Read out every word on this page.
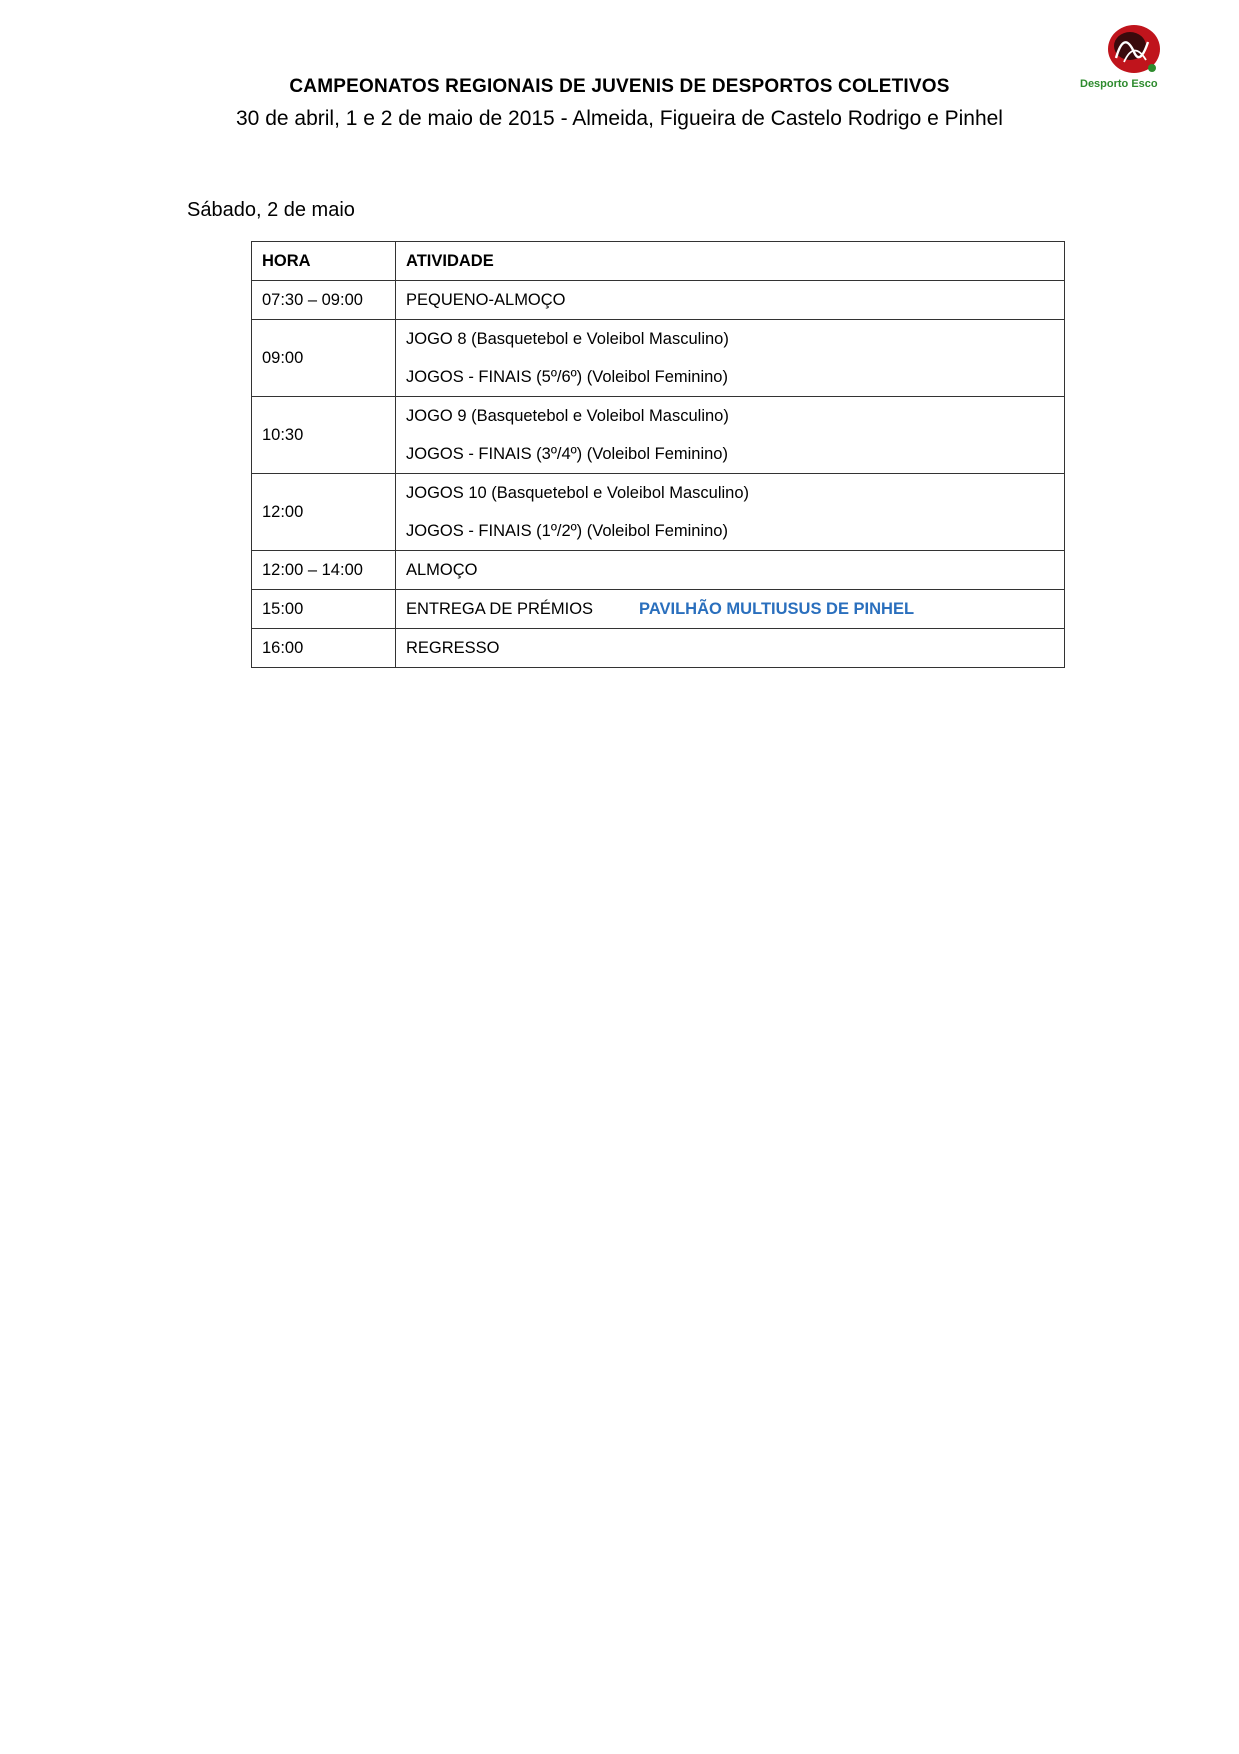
Desporto Esco
CAMPEONATOS REGIONAIS DE JUVENIS DE DESPORTOS COLETIVOS
30 de abril, 1 e 2 de maio de 2015 - Almeida, Figueira de Castelo Rodrigo e Pinhel
Sábado, 2 de maio
HORA	ATIVIDADE
07:30 – 09:00	PEQUENO-ALMOÇO
09:00	JOGO 8 (Basquetebol e Voleibol Masculino)
JOGOS - FINAIS (5º/6º) (Voleibol Feminino)

10:30	JOGO 9 (Basquetebol e Voleibol Masculino)
JOGOS - FINAIS (3º/4º) (Voleibol Feminino)

12:00	JOGOS 10 (Basquetebol e Voleibol Masculino)
JOGOS - FINAIS (1º/2º) (Voleibol Feminino)

12:00 – 14:00	ALMOÇO
15:00	ENTREGA DE PRÉMIOS PAVILHÃO MULTIUSUS DE PINHEL
16:00	REGRESSO
